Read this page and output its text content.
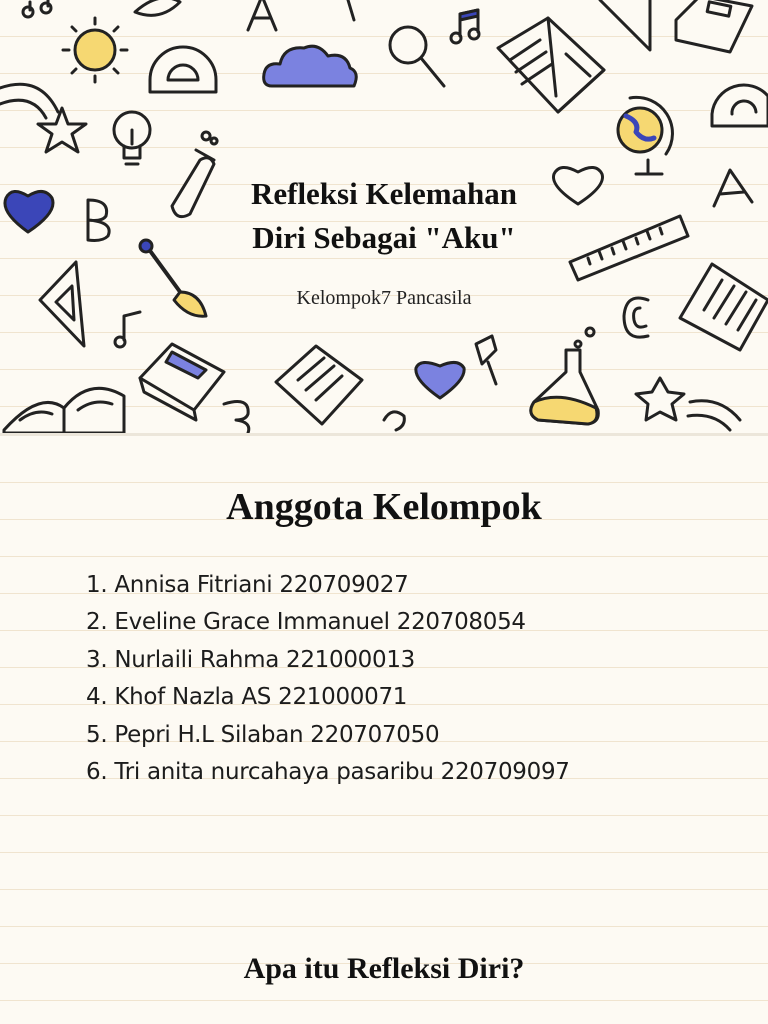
Refleksi Kelemahan
Diri Sebagai "Aku"
Kelompok7 Pancasila
Anggota Kelompok
1. Annisa Fitriani 220709027
2. Eveline Grace Immanuel 220708054
3. Nurlaili Rahma 221000013
4. Khof Nazla AS 221000071
5. Pepri H.L Silaban 220707050
6. Tri anita nurcahaya pasaribu 220709097
Apa itu Refleksi Diri?
